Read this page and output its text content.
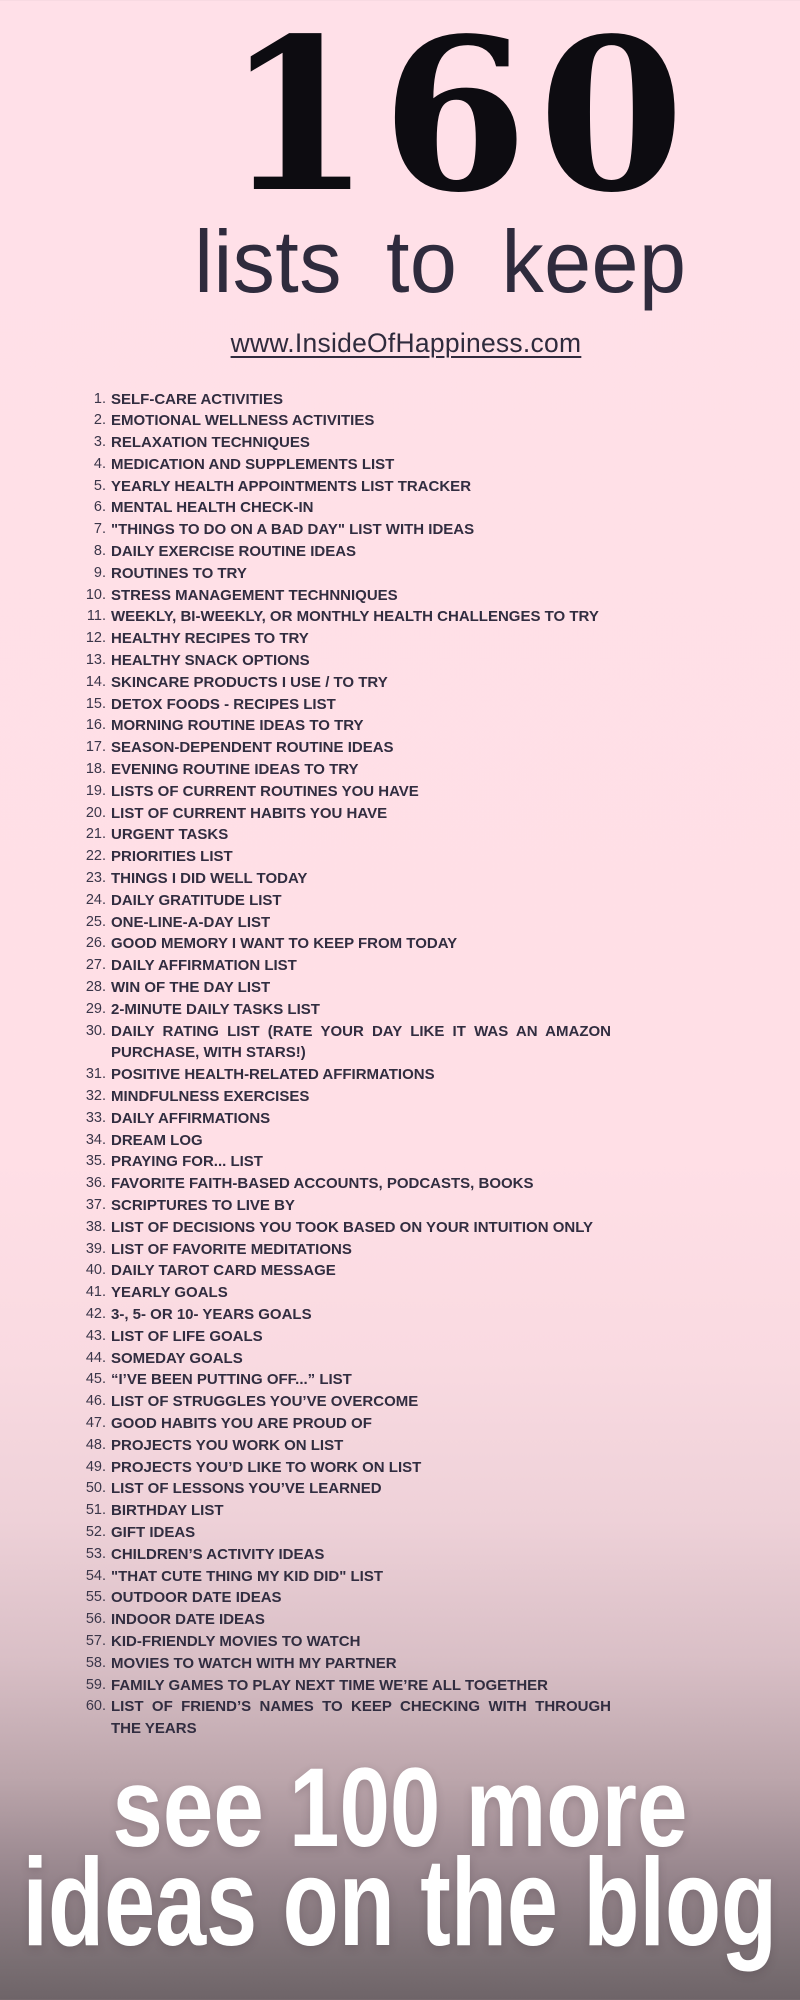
160
lists to keep
www.InsideOfHappiness.com
1. SELF-CARE ACTIVITIES
2. EMOTIONAL WELLNESS ACTIVITIES
3. RELAXATION TECHNIQUES
4. MEDICATION AND SUPPLEMENTS LIST
5. YEARLY HEALTH APPOINTMENTS LIST TRACKER
6. MENTAL HEALTH CHECK-IN
7. "THINGS TO DO ON A BAD DAY" LIST WITH IDEAS
8. DAILY EXERCISE ROUTINE IDEAS
9. ROUTINES TO TRY
10. STRESS MANAGEMENT TECHNNIQUES
11. WEEKLY, BI-WEEKLY, OR MONTHLY HEALTH CHALLENGES TO TRY
12. HEALTHY RECIPES TO TRY
13. HEALTHY SNACK OPTIONS
14. SKINCARE PRODUCTS I USE / TO TRY
15. DETOX FOODS - RECIPES LIST
16. MORNING ROUTINE IDEAS TO TRY
17. SEASON-DEPENDENT ROUTINE IDEAS
18. EVENING ROUTINE IDEAS TO TRY
19. LISTS OF CURRENT ROUTINES YOU HAVE
20. LIST OF CURRENT HABITS YOU HAVE
21. URGENT TASKS
22. PRIORITIES LIST
23. THINGS I DID WELL TODAY
24. DAILY GRATITUDE LIST
25. ONE-LINE-A-DAY LIST
26. GOOD MEMORY I WANT TO KEEP FROM TODAY
27. DAILY AFFIRMATION LIST
28. WIN OF THE DAY LIST
29. 2-MINUTE DAILY TASKS LIST
30. DAILY RATING LIST (RATE YOUR DAY LIKE IT WAS AN AMAZON PURCHASE, WITH STARS!)
31. POSITIVE HEALTH-RELATED AFFIRMATIONS
32. MINDFULNESS EXERCISES
33. DAILY AFFIRMATIONS
34. DREAM LOG
35. PRAYING FOR... LIST
36. FAVORITE FAITH-BASED ACCOUNTS, PODCASTS, BOOKS
37. SCRIPTURES TO LIVE BY
38. LIST OF DECISIONS YOU TOOK BASED ON YOUR INTUITION ONLY
39. LIST OF FAVORITE MEDITATIONS
40. DAILY TAROT CARD MESSAGE
41. YEARLY GOALS
42. 3-, 5- OR 10- YEARS GOALS
43. LIST OF LIFE GOALS
44. SOMEDAY GOALS
45. “I’VE BEEN PUTTING OFF...” LIST
46. LIST OF STRUGGLES YOU’VE OVERCOME
47. GOOD HABITS YOU ARE PROUD OF
48. PROJECTS YOU WORK ON LIST
49. PROJECTS YOU’D LIKE TO WORK ON LIST
50. LIST OF LESSONS YOU’VE LEARNED
51. BIRTHDAY LIST
52. GIFT IDEAS
53. CHILDREN’S ACTIVITY IDEAS
54. "THAT CUTE THING MY KID DID" LIST
55. OUTDOOR DATE IDEAS
56. INDOOR DATE IDEAS
57. KID-FRIENDLY MOVIES TO WATCH
58. MOVIES TO WATCH WITH MY PARTNER
59. FAMILY GAMES TO PLAY NEXT TIME WE’RE ALL TOGETHER
60. LIST OF FRIEND’S NAMES TO KEEP CHECKING WITH THROUGH THE YEARS
see 100 more
ideas on the blog
